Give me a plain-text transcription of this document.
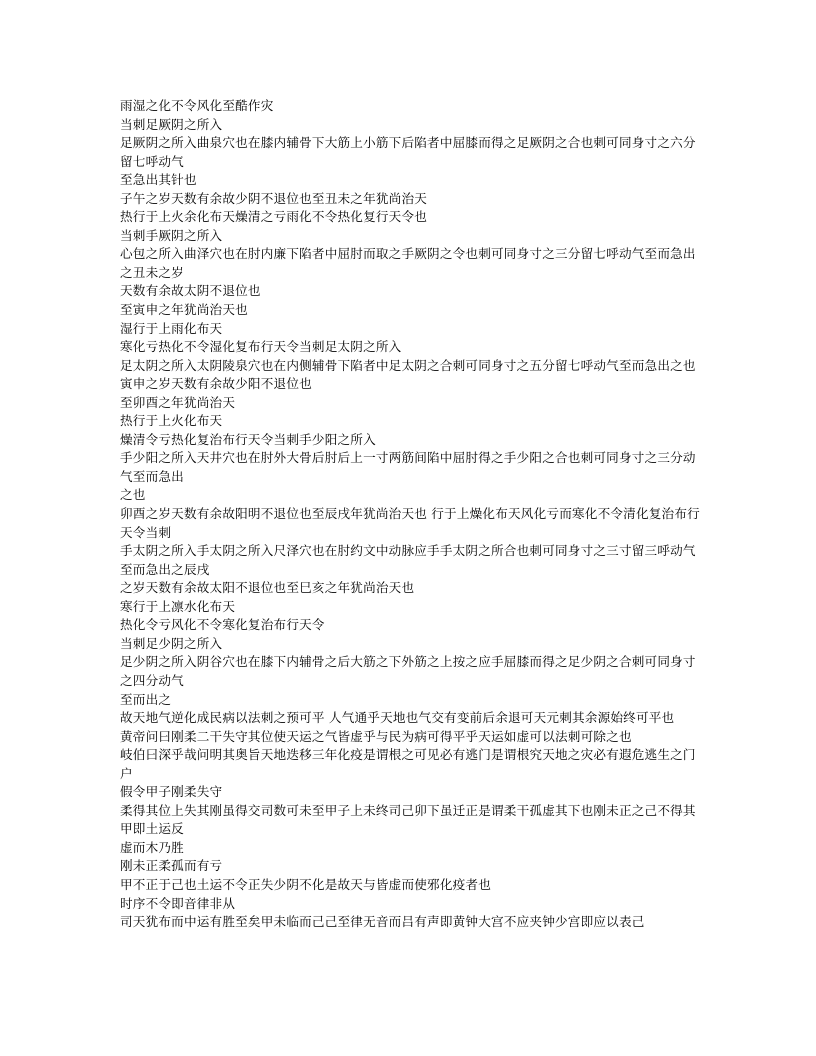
雨湿之化不令风化至酷作灾
当刺足厥阴之所入
足厥阴之所入曲泉穴也在膝内辅骨下大筋上小筋下后陷者中屈膝而得之足厥阴之合也刺可同身寸之六分留七呼动气
至急出其针也
子午之岁天数有余故少阴不退位也至丑未之年犹尚治天
热行于上火余化布天燥清之亏雨化不令热化复行天令也
当刺手厥阴之所入
心包之所入曲泽穴也在肘内廉下陷者中屈肘而取之手厥阴之令也刺可同身寸之三分留七呼动气至而急出之丑未之岁
天数有余故太阴不退位也
至寅申之年犹尚治天也
湿行于上雨化布天
寒化亏热化不令湿化复布行天令当刺足太阴之所入
足太阴之所入太阴陵泉穴也在内侧辅骨下陷者中足太阴之合刺可同身寸之五分留七呼动气至而急出之也
寅申之岁天数有余故少阳不退位也
至卯酉之年犹尚治天
热行于上火化布天
燥清令亏热化复治布行天令当刺手少阳之所入
手少阳之所入天井穴也在肘外大骨后肘后上一寸两筋间陷中屈肘得之手少阳之合也刺可同身寸之三分动气至而急出
之也
卯酉之岁天数有余故阳明不退位也至辰戌年犹尚治天也 行于上燥化布天风化亏而寒化不令清化复治布行天令当刺
手太阴之所入手太阴之所入尺泽穴也在肘约文中动脉应手手太阴之所合也刺可同身寸之三寸留三呼动气至而急出之辰戌
之岁天数有余故太阳不退位也至巳亥之年犹尚治天也
寒行于上凛水化布天
热化令亏风化不令寒化复治布行天令
当刺足少阴之所入
足少阴之所入阴谷穴也在膝下内辅骨之后大筋之下外筋之上按之应手屈膝而得之足少阴之合刺可同身寸之四分动气
至而出之
故天地气逆化成民病以法刺之预可平 人气通乎天地也气交有变前后余退可天元刺其余源始终可平也
黄帝问曰刚柔二干失守其位使天运之气皆虚乎与民为病可得平乎天运如虚可以法刺可除之也
岐伯曰深乎哉问明其奥旨天地迭移三年化疫是谓根之可见必有逃门是谓根究天地之灾必有遐危逃生之门户
假令甲子刚柔失守
柔得其位上失其刚虽得交司数可未至甲子上未终司己卯下虽迁正是谓柔干孤虚其下也刚未正之己不得其甲即土运反
虚而木乃胜
刚未正柔孤而有亏
甲不正于己也土运不令正失少阴不化是故天与皆虚而使邪化疫者也
时序不令即音律非从
司天犹布而中运有胜至矣甲未临而己己至律无音而吕有声即黄钟大宫不应夹钟少宫即应以表己
